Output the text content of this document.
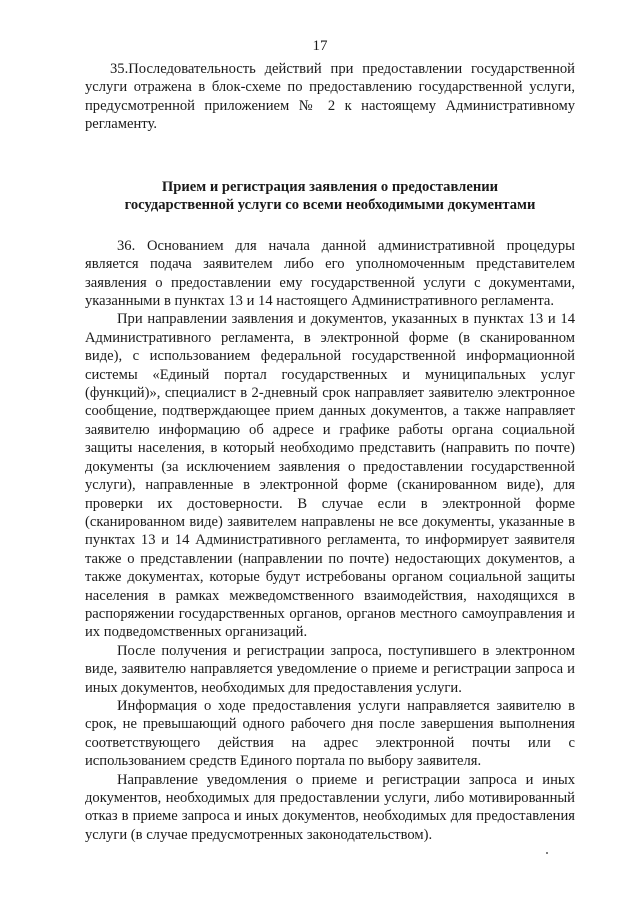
17

35.Последовательность действий при предоставлении государственной услуги отражена в блок-схеме по предоставлению государственной услуги, предусмотренной приложением № 2 к настоящему Административному регламенту.

Прием и регистрация заявления о предоставлении
государственной услуги со всеми необходимыми документами

36. Основанием для начала данной административной процедуры является подача заявителем либо его уполномоченным представителем заявления о предоставлении ему государственной услуги с документами, указанными в пунктах 13 и 14 настоящего Административного регламента.

При направлении заявления и документов, указанных в пунктах 13 и 14 Административного регламента, в электронной форме (в сканированном виде), с использованием федеральной государственной информационной системы «Единый портал государственных и муниципальных услуг (функций)», специалист в 2-дневный срок направляет заявителю электронное сообщение, подтверждающее прием данных документов, а также направляет заявителю информацию об адресе и графике работы органа социальной защиты населения, в который необходимо представить (направить по почте) документы (за исключением заявления о предоставлении государственной услуги), направленные в электронной форме (сканированном виде), для проверки их достоверности. В случае если в электронной форме (сканированном виде) заявителем направлены не все документы, указанные в пунктах 13 и 14 Административного регламента, то информирует заявителя также о представлении (направлении по почте) недостающих документов, а также документах, которые будут истребованы органом социальной защиты населения в рамках межведомственного взаимодействия, находящихся в распоряжении государственных органов, органов местного самоуправления и их подведомственных организаций.

После получения и регистрации запроса, поступившего в электронном виде, заявителю направляется уведомление о приеме и регистрации запроса и иных документов, необходимых для предоставления услуги.

Информация о ходе предоставления услуги направляется заявителю в срок, не превышающий одного рабочего дня после завершения выполнения соответствующего действия на адрес электронной почты или с использованием средств Единого портала по выбору заявителя.

Направление уведомления о приеме и регистрации запроса и иных документов, необходимых для предоставлении услуги, либо мотивированный отказ в приеме запроса и иных документов, необходимых для предоставления услуги (в случае предусмотренных законодательством).
